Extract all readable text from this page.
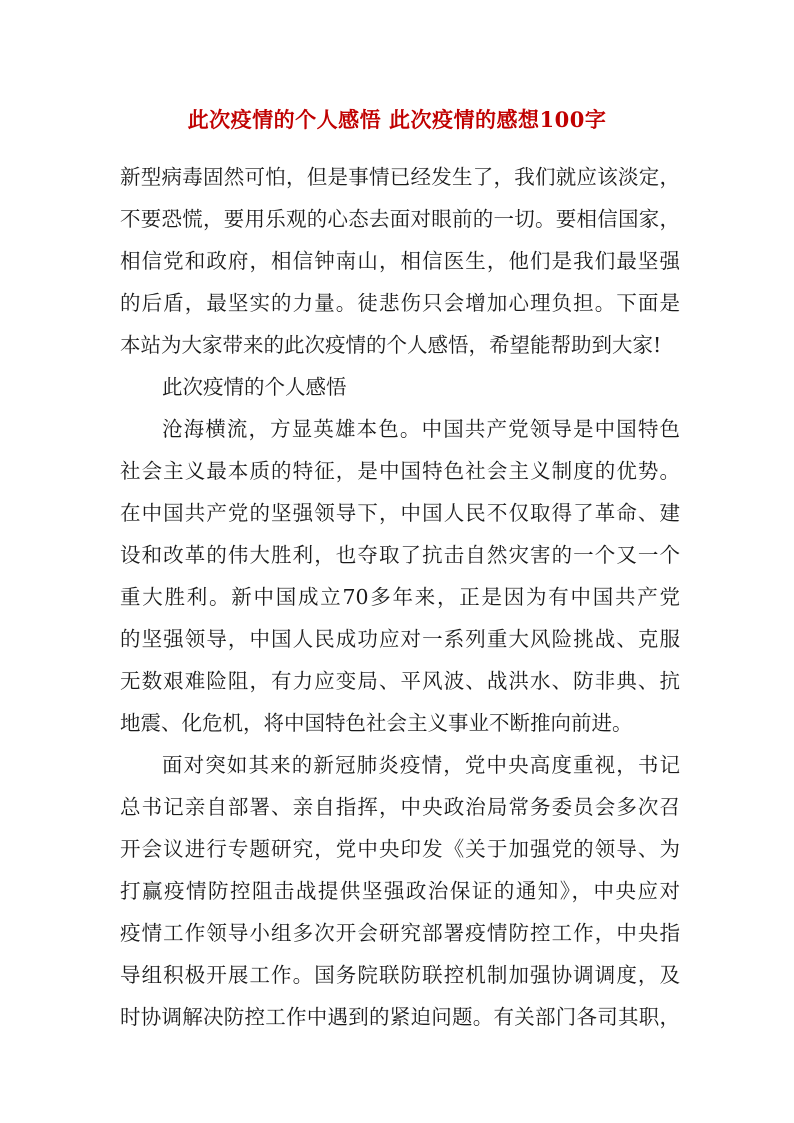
此次疫情的个人感悟 此次疫情的感想100字
新型病毒固然可怕，但是事情已经发生了，我们就应该淡定，
不要恐慌，要用乐观的心态去面对眼前的一切。要相信国家，
相信党和政府，相信钟南山，相信医生，他们是我们最坚强
的后盾，最坚实的力量。徒悲伤只会增加心理负担。下面是
本站为大家带来的此次疫情的个人感悟，希望能帮助到大家!
此次疫情的个人感悟
沧海横流，方显英雄本色。中国共产党领导是中国特色
社会主义最本质的特征，是中国特色社会主义制度的优势。
在中国共产党的坚强领导下，中国人民不仅取得了革命、建
设和改革的伟大胜利，也夺取了抗击自然灾害的一个又一个
重大胜利。新中国成立70多年来，正是因为有中国共产党
的坚强领导，中国人民成功应对一系列重大风险挑战、克服
无数艰难险阻，有力应变局、平风波、战洪水、防非典、抗
地震、化危机，将中国特色社会主义事业不断推向前进。
面对突如其来的新冠肺炎疫情，党中央高度重视，书记
总书记亲自部署、亲自指挥，中央政治局常务委员会多次召
开会议进行专题研究，党中央印发《关于加强党的领导、为
打赢疫情防控阻击战提供坚强政治保证的通知》，中央应对
疫情工作领导小组多次开会研究部署疫情防控工作，中央指
导组积极开展工作。国务院联防联控机制加强协调调度，及
时协调解决防控工作中遇到的紧迫问题。有关部门各司其职，
